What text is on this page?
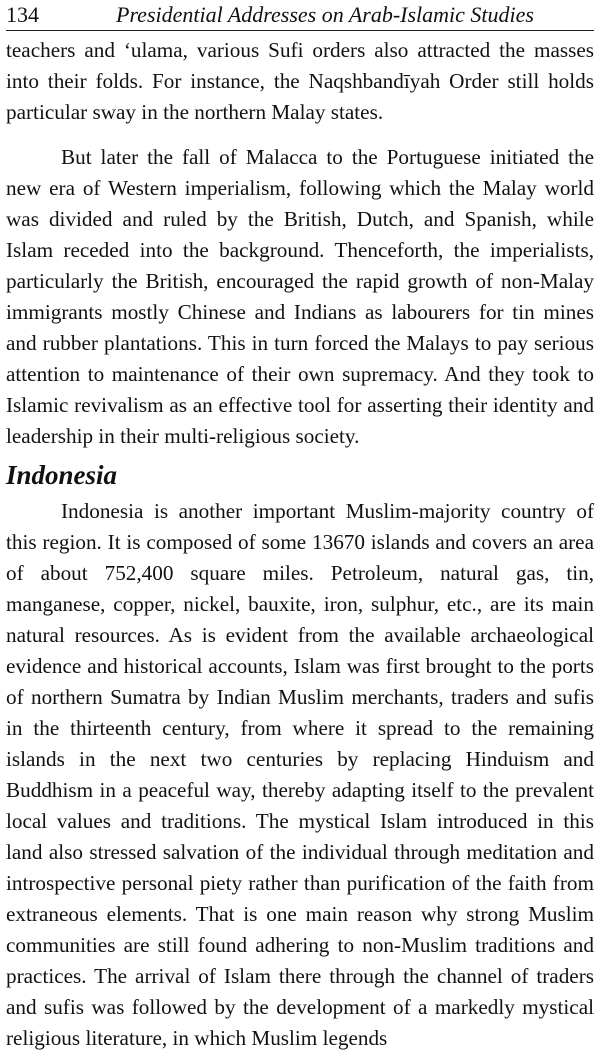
134	Presidential Addresses on Arab-Islamic Studies

teachers and ‘ulama, various Sufi orders also attracted the masses into their folds. For instance, the Naqshbandīyah Order still holds particular sway in the northern Malay states.

But later the fall of Malacca to the Portuguese initiated the new era of Western imperialism, following which the Malay world was divided and ruled by the British, Dutch, and Spanish, while Islam receded into the background. Thenceforth, the imperialists, particularly the British, encouraged the rapid growth of non-Malay immigrants mostly Chinese and Indians as labourers for tin mines and rubber plantations. This in turn forced the Malays to pay serious attention to maintenance of their own supremacy. And they took to Islamic revivalism as an effective tool for asserting their identity and leadership in their multi-religious society.

Indonesia

Indonesia is another important Muslim-majority country of this region. It is composed of some 13670 islands and covers an area of about 752,400 square miles. Petroleum, natural gas, tin, manganese, copper, nickel, bauxite, iron, sulphur, etc., are its main natural resources. As is evident from the available archaeological evidence and historical accounts, Islam was first brought to the ports of northern Sumatra by Indian Muslim merchants, traders and sufis in the thirteenth century, from where it spread to the remaining islands in the next two centuries by replacing Hinduism and Buddhism in a peaceful way, thereby adapting itself to the prevalent local values and traditions. The mystical Islam introduced in this land also stressed salvation of the individual through meditation and introspective personal piety rather than purification of the faith from extraneous elements. That is one main reason why strong Muslim communities are still found adhering to non-Muslim traditions and practices. The arrival of Islam there through the channel of traders and sufis was followed by the development of a markedly mystical religious literature, in which Muslim legends
